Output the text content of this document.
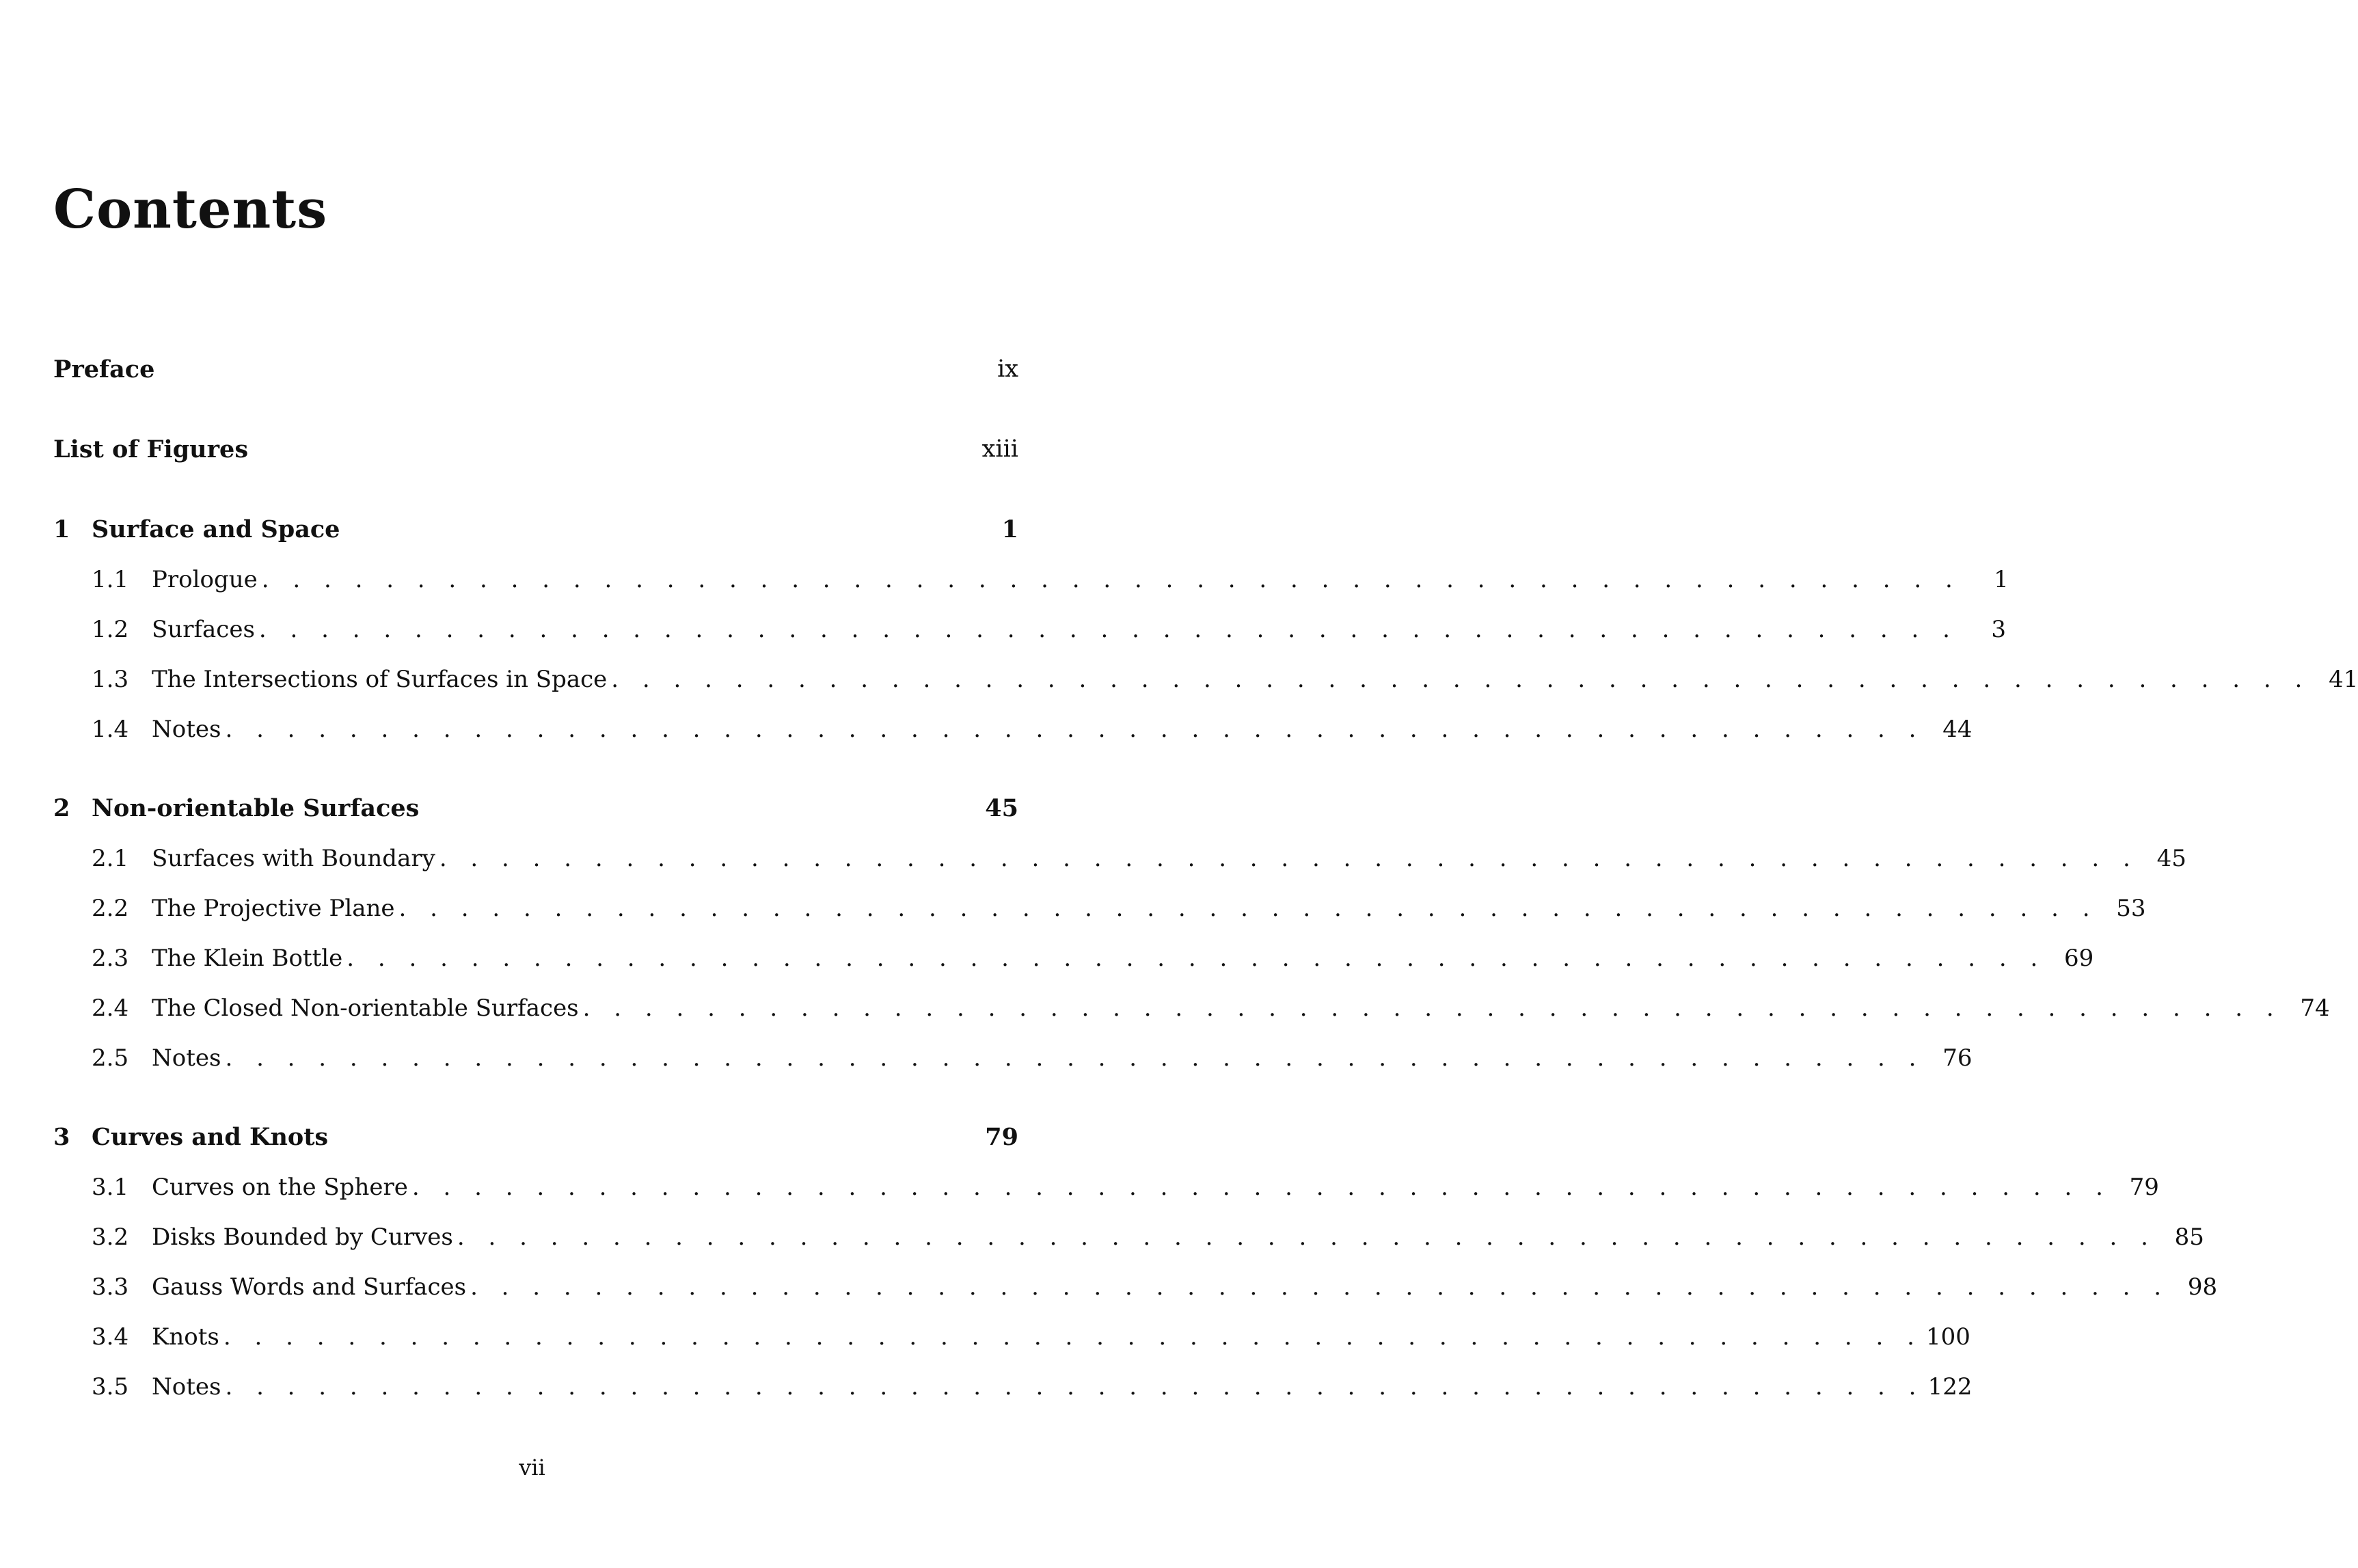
Contents
Preface	ix
List of Figures	xiii
1 Surface and Space	1
1.1 Prologue . . . . . . . . . . . . . . . . . . . . . . . . . . . . . . . . . . . . . . . . . . . . . . . . . . . . . . .	1
1.2 Surfaces . . . . . . . . . . . . . . . . . . . . . . . . . . . . . . . . . . . . . . . . . . . . . . . . . . . . . . .	3
1.3 The Intersections of Surfaces in Space . . . . . . . . . . . . . . . . . . . . . . . . . . . . . . . . . . . . . . . . . . . . . . . . . . . . . . . 41
1.4 Notes . . . . . . . . . . . . . . . . . . . . . . . . . . . . . . . . . . . . . . . . . . . . . . . . . . . . . . . 44
2 Non-orientable Surfaces	45
2.1 Surfaces with Boundary . . . . . . . . . . . . . . . . . . . . . . . . . . . . . . . . . . . . . . . . . . . . . . . . . . . . . . . 45
2.2 The Projective Plane . . . . . . . . . . . . . . . . . . . . . . . . . . . . . . . . . . . . . . . . . . . . . . . . . . . . . . . 53
2.3 The Klein Bottle . . . . . . . . . . . . . . . . . . . . . . . . . . . . . . . . . . . . . . . . . . . . . . . . . . . . . . . 69
2.4 The Closed Non-orientable Surfaces . . . . . . . . . . . . . . . . . . . . . . . . . . . . . . . . . . . . . . . . . . . . . . . . . . . . . . . 74
2.5 Notes . . . . . . . . . . . . . . . . . . . . . . . . . . . . . . . . . . . . . . . . . . . . . . . . . . . . . . . 76
3 Curves and Knots	79
3.1 Curves on the Sphere . . . . . . . . . . . . . . . . . . . . . . . . . . . . . . . . . . . . . . . . . . . . . . . . . . . . . . . 79
3.2 Disks Bounded by Curves . . . . . . . . . . . . . . . . . . . . . . . . . . . . . . . . . . . . . . . . . . . . . . . . . . . . . . . 85
3.3 Gauss Words and Surfaces . . . . . . . . . . . . . . . . . . . . . . . . . . . . . . . . . . . . . . . . . . . . . . . . . . . . . . . 98
3.4 Knots . . . . . . . . . . . . . . . . . . . . . . . . . . . . . . . . . . . . . . . . . . . . . . . . . . . . . . . 100
3.5 Notes . . . . . . . . . . . . . . . . . . . . . . . . . . . . . . . . . . . . . . . . . . . . . . . . . . . . . . . 122
vii
